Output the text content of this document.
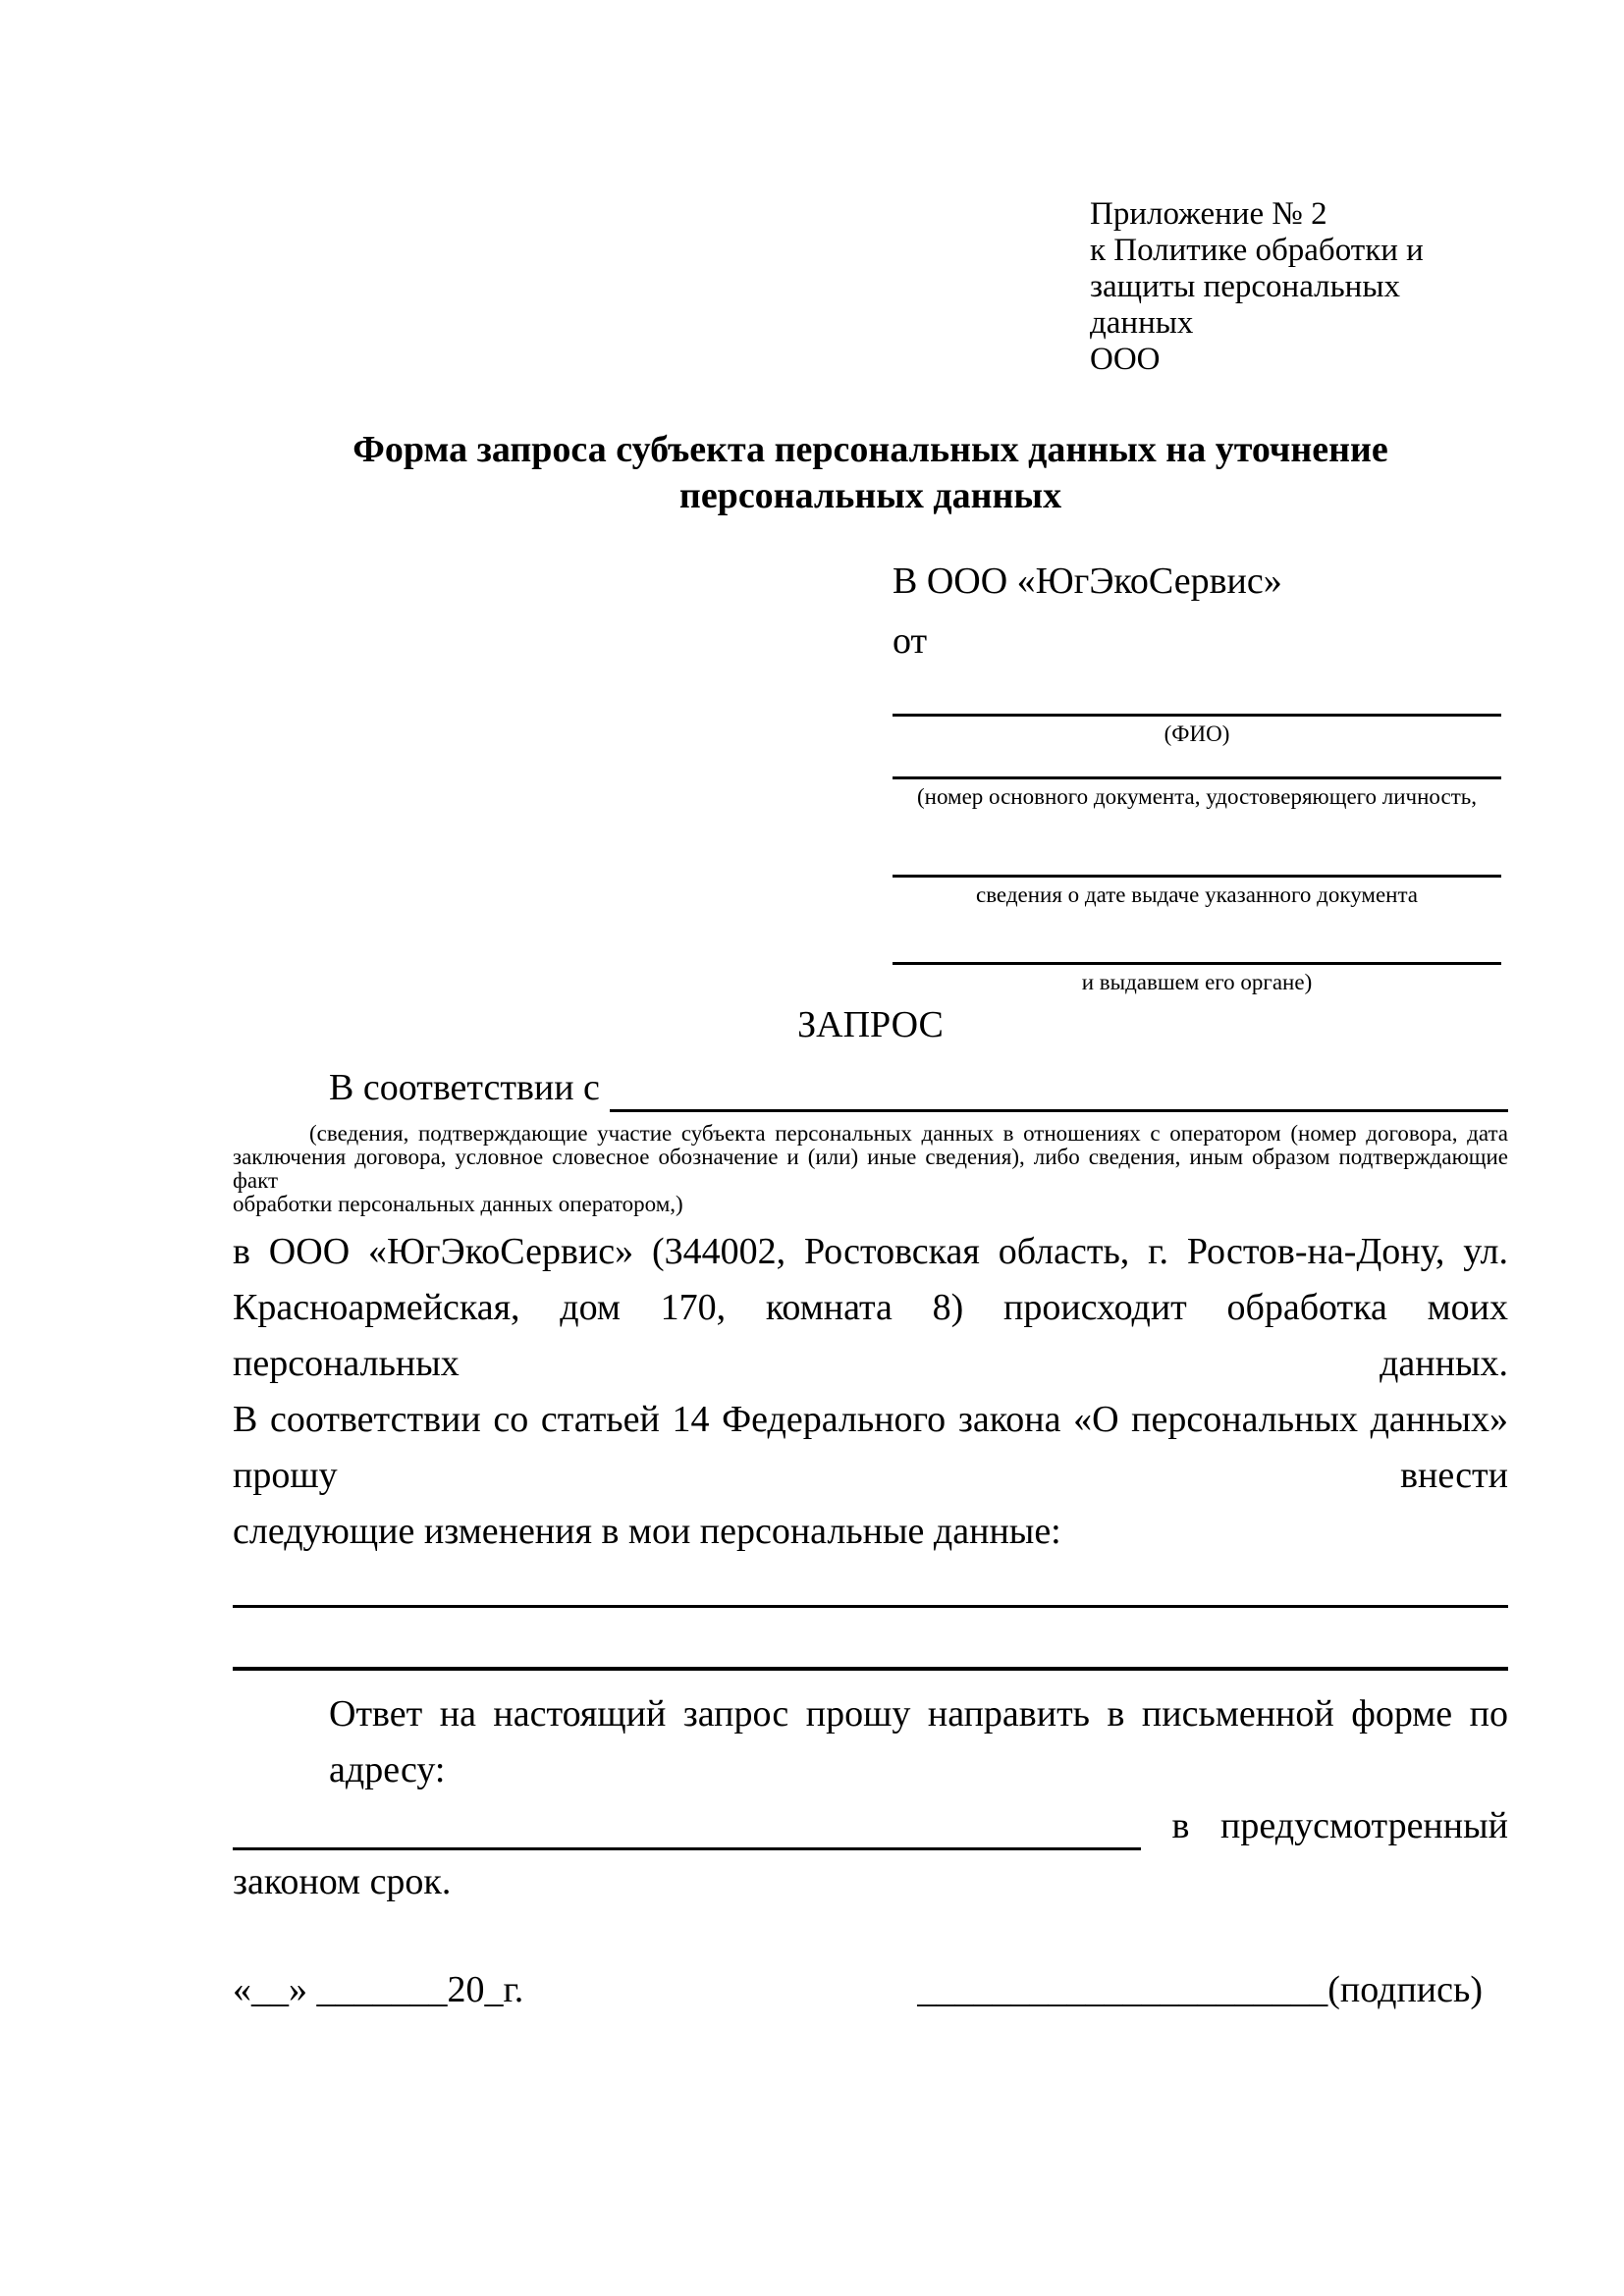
Приложение № 2
к Политике обработки и
защиты персональных данных
ООО
Форма запроса субъекта персональных данных на уточнение персональных данных
В ООО «ЮгЭкоСервис»
от
(ФИО)
(номер основного документа, удостоверяющего личность,
сведения о дате выдаче указанного документа
и выдавшем его органе)
ЗАПРОС
В соответствии с
(сведения, подтверждающие участие субъекта персональных данных в отношениях с оператором (номер договора, дата
заключения договора, условное словесное обозначение и (или) иные сведения), либо сведения, иным образом подтверждающие факт
обработки персональных данных оператором,)
в ООО «ЮгЭкоСервис» (344002, Ростовская область, г. Ростов-на-Дону, ул.
Красноармейская, дом 170, комната 8) происходит обработка моих персональных данных.
В соответствии со статьей 14 Федерального закона «О персональных данных» прошу внести
следующие изменения в мои персональные данные:
Ответ на настоящий запрос прошу направить в письменной форме по адресу:
в предусмотренный
законом срок.
«__» _______20_г.	______________________(подпись)
